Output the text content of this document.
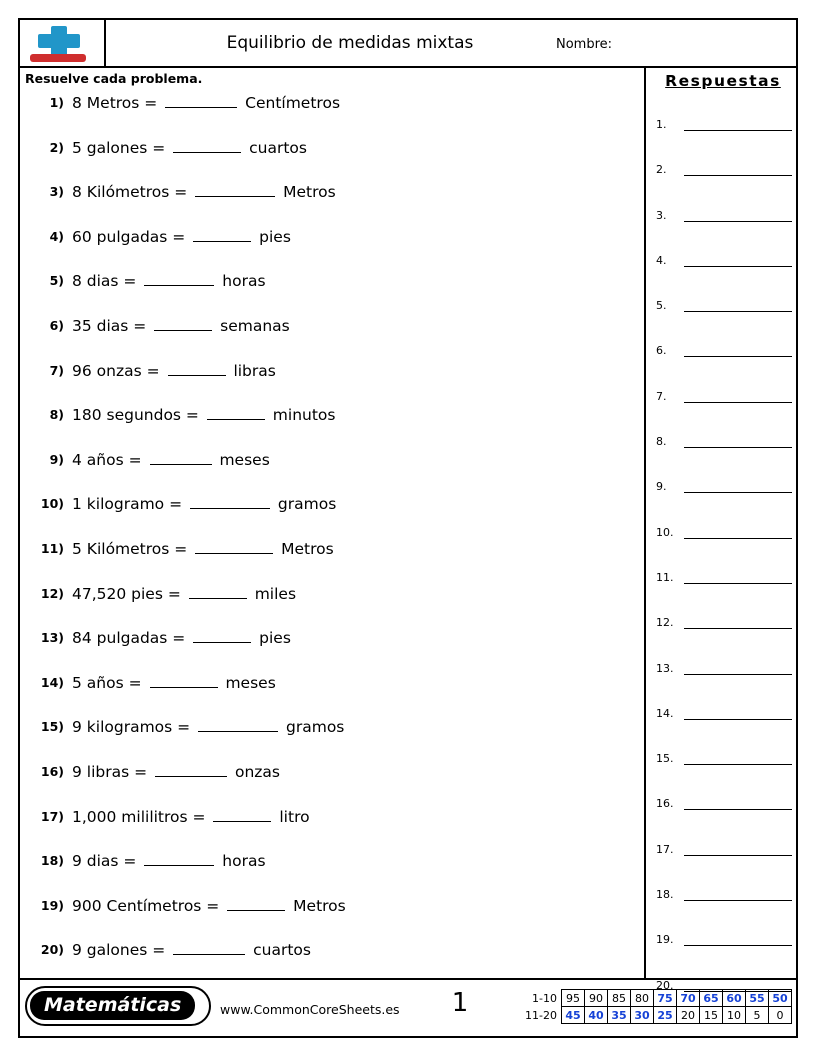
Equilibrio de medidas mixtas	Nombre:
Resuelve cada problema.
1) 8 Metros =	Centímetros
2) 5 galones =	cuartos
3) 8 Kilómetros =	Metros
4) 60 pulgadas =	pies
5) 8 dias =	horas
6) 35 dias =	semanas
7) 96 onzas =	libras
8) 180 segundos =	minutos
9) 4 años =	meses
10) 1 kilogramo =	gramos
11) 5 Kilómetros =	Metros
12) 47,520 pies =	miles
13) 84 pulgadas =	pies
14) 5 años =	meses
15) 9 kilogramos =	gramos
16) 9 libras =	onzas
17) 1,000 mililitros =	litro
18) 9 dias =	horas
19) 900 Centímetros =	Metros
20) 9 galones =	cuartos
Respuestas
1.
2.
3.
4.
5.
6.
7.
8.
9.
10.
11.
12.
13.
14.
15.
16.
17.
18.
19.
20.
Matemáticas	www.CommonCoreSheets.es	1	1-10	95	90	85	80	75	70	65	60	55	50
11-20	45	40	35	30	25	20	15	10	5	0
